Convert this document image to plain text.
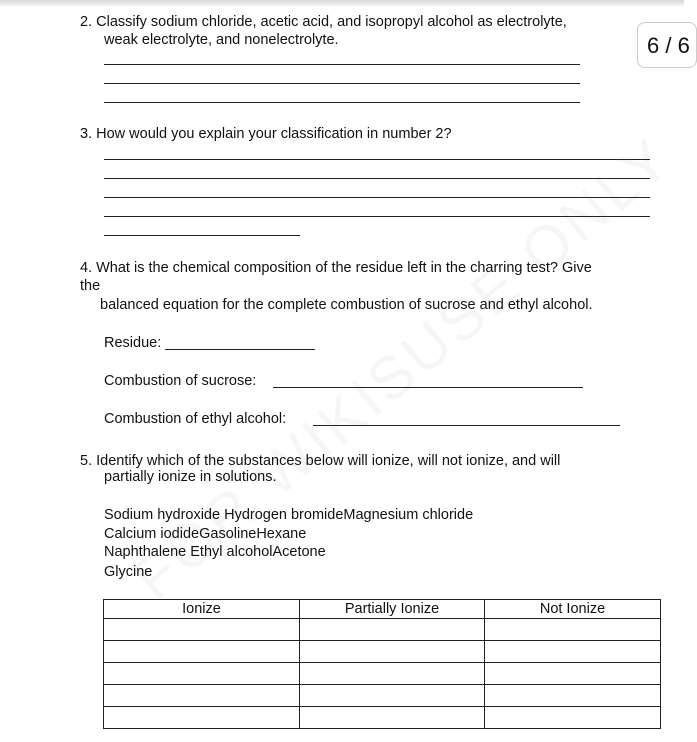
2. Classify sodium chloride, acetic acid, and isopropyl alcohol as electrolyte,
weak electrolyte, and nonelectrolyte.	6 / 6
3. How would you explain your classification in number 2?
4. What is the chemical composition of the residue left in the charring test? Give
the
balanced equation for the complete combustion of sucrose and ethyl alcohol.
Residue:
Combustion of sucrose:
Combustion of ethyl alcohol:
5. Identify which of the substances below will ionize, will not ionize, and will
partially ionize in solutions.
Sodium hydroxide Hydrogen bromideMagnesium chloride
Calcium iodideGasolineHexane
Naphthalene Ethyl alcoholAcetone
Glycine
Ionize	Partially Ionize	Not Ionize
